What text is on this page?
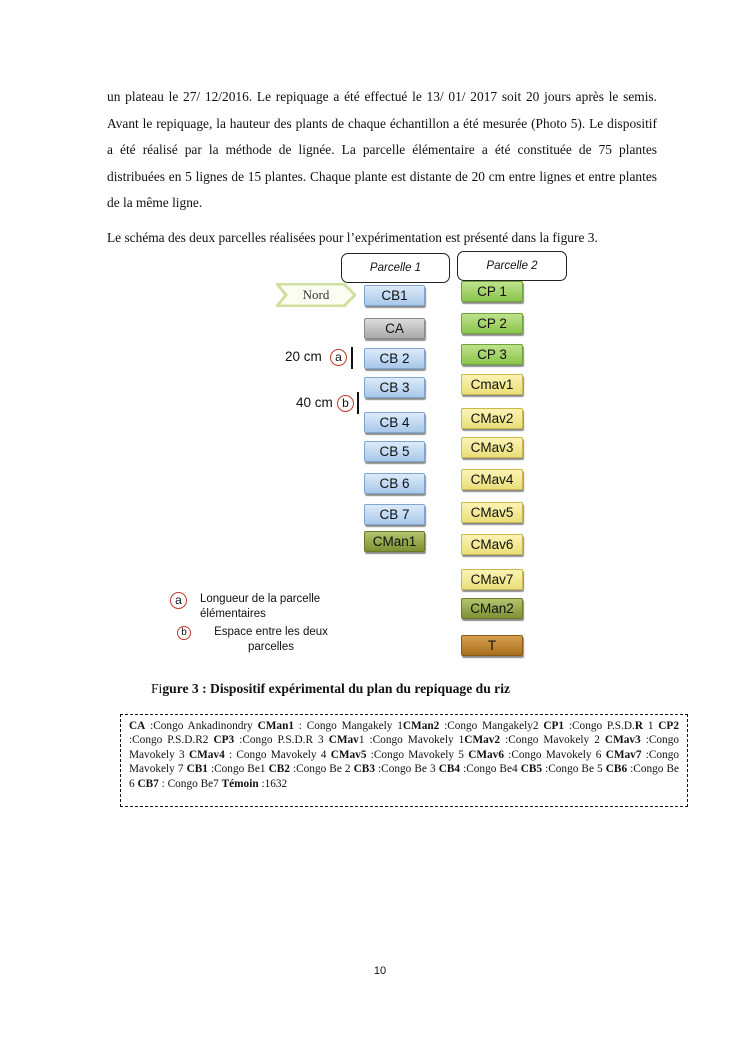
un plateau le 27/ 12/2016. Le repiquage a été effectué le 13/ 01/ 2017 soit 20 jours après le semis. Avant le repiquage, la hauteur des plants de chaque échantillon a été mesurée (Photo 5). Le dispositif a été réalisé par la méthode de lignée. La parcelle élémentaire a été constituée de 75 plantes distribuées en 5 lignes de 15 plantes. Chaque plante est distante de 20 cm entre lignes et entre plantes de la même ligne.

Le schéma des deux parcelles réalisées pour l’expérimentation est présenté dans la figure 3.

Parcelle 1	Parcelle 2
Nord	CB1
CA
CB 2
CB 3
CB 4
CB 5
CB 6
CB 7
CMan1
CP 1
CP 2
CP 3
Cmav1
CMav2
CMav3
CMav4
CMav5
CMav6
CMav7
CMan2
T
20 cm	a
40 cm b
a	Longueur de la parcelle élémentaires
b	Espace entre les deux parcelles
Figure 3 : Dispositif expérimental du plan du repiquage du riz

CA :Congo Ankadinondry CMan1 : Congo Mangakely 1CMan2 :Congo Mangakely2 CP1 :Congo P.S.D.R 1 CP2 :Congo P.S.D.R2 CP3 :Congo P.S.D.R 3 CMav1 :Congo Mavokely 1CMav2 :Congo Mavokely 2 CMav3 :Congo Mavokely 3 CMav4 : Congo Mavokely 4 CMav5 :Congo Mavokely 5 CMav6 :Congo Mavokely 6 CMav7 :Congo Mavokely 7 CB1 :Congo Be1 CB2 :Congo Be 2 CB3 :Congo Be 3 CB4 :Congo Be4 CB5 :Congo Be 5 CB6 :Congo Be 6 CB7 : Congo Be7 Témoin :1632

10
